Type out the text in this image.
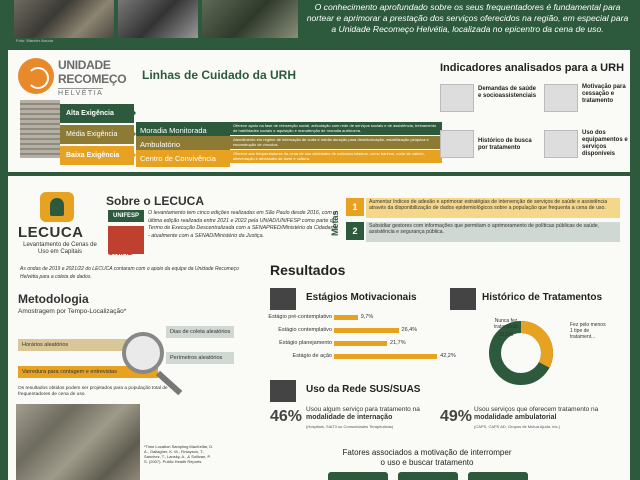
Foto: Wander Arruda
O conhecimento aprofundado sobre os seus frequentadores é fundamental para nortear e aprimorar a prestação dos serviços oferecidos na região, em especial para a Unidade Recomeço Helvétia, localizada no epicentro da cena de uso.
UNIDADE
RECOMEÇO
HELVÉTIA
Linhas de Cuidado da URH
Alta Exigência
Média Exigência
Baixa Exigência
Moradia Monitorada
Oferece apoio na fase de reinserção social, articulação com rede de serviços sociais e de assistência, treinamento de habilidades sociais e aquisição e manutenção de moradia autônoma.
Ambulatório
Atendimento em regime de internação de curta e média duração para desintoxicação, estabilização psíquica e reconstrução de vínculos.
Centro de Convivência
Oferece aos frequentadores da cena de uso atividades de cuidados básicos, como banhos, corte de cabelo, alimentação e atividades de lazer e cultura.
Indicadores analisados para a URH
Demandas de saúde e socioassistenciais
Motivação para cessação e tratamento
Histórico de busca por tratamento
Uso dos equipamentos e serviços disponíveis
LECUCA
Levantamento de Cenas de Uso em Capitais
Sobre o LECUCA
UNIFESP
UNIAD
O levantamento tem cinco edições realizadas em São Paulo desde 2016, com a última edição realizada entre 2021 e 2022 pela UNIAD/UNIFESP como parte do Termo de Execução Descentralizada com a SENAPRED/Ministério da Cidadania - atualmente com a SENAD/Ministério da Justiça.
As ondas de 2019 e 2021/22 do LECUCA contaram com o apoio da equipe da Unidade Recomeço Helvétia para a coleta de dados.
Metas
1	Aumentar índices de adesão e aprimorar estratégias de intervenção de serviços de saúde e assistência através da disponibilização de dados epidemiológicos sobre a população que frequenta a cena de uso.
2	Subsidiar gestores com informações que permitam o aprimoramento de políticas públicas de saúde, assistência e segurança pública.
Metodologia
Amostragem por Tempo-Localização*
Dias de coleta aleatórios
Horários aleatórios
Perímetros aleatórios
Varredura para contagem e entrevistas
Os resultados obtidos podem ser projetados para a população total de frequentadores de cena de uso.
*Time Location Sampling MacKellar, D. A., Gallagher, K. M., Finlayson, T., Sanchez, T., Lansky, A., & Sullivan, P. S. (2007). Public Health Reports
Resultados
Estágios Motivacionais
Estágio pré-contemplativo	9,7%
Estágio contemplativo	26,4%
Estágio planejamento	21,7%
Estágio de ação	42,2%
Histórico de Tratamentos
Nunca fez tratamento
32,5%
Fez pelo menos 1 tipe de tratament...
Uso da Rede SUS/SUAS
46% Usou algum serviço para tratamento na
modalidade de internação
(Hospitais, SIAT3 ou Comunidades Terapêuticas)
49% Usou serviços que oferecem tratamento na
modalidade ambulatorial
(CAPS, CAPS AD, Grupos de Mútua Ajuda, etc.)
Fatores associados a motivação de interromper o uso e buscar tratamento
